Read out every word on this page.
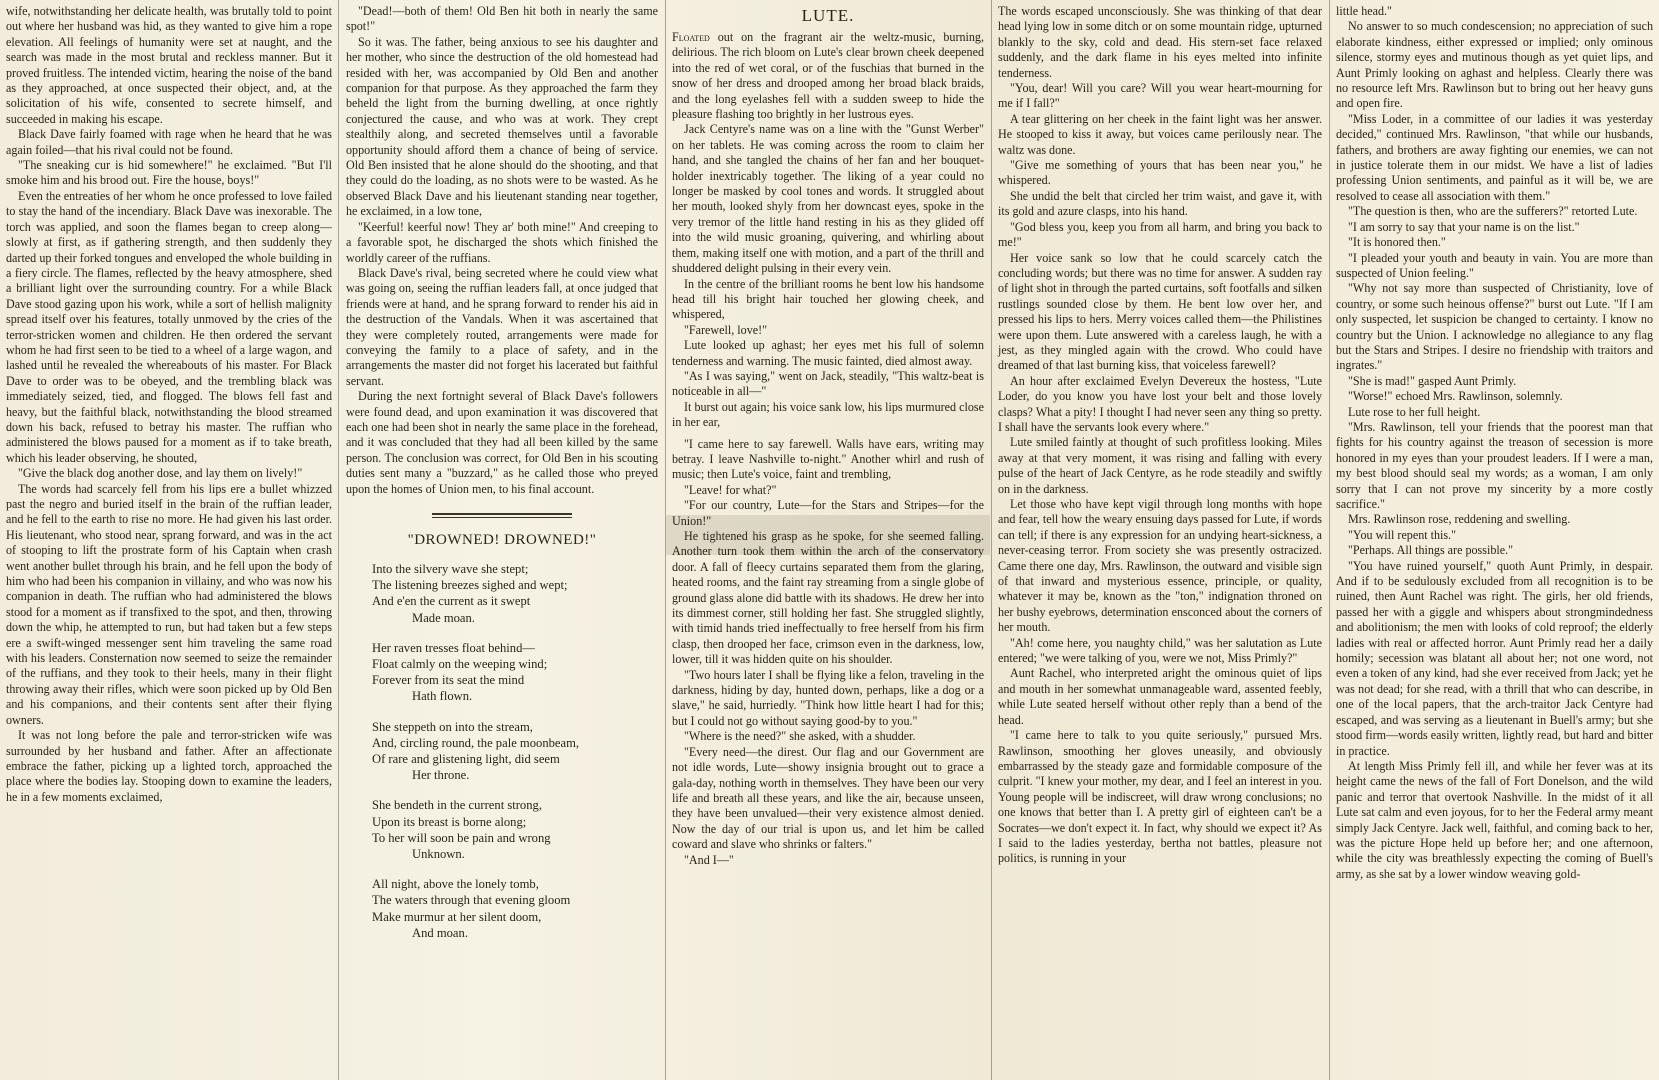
wife, notwithstanding her delicate health, was brutally told to point out where her husband was hid, as they wanted to give him a rope elevation. All feelings of humanity were set at naught, and the search was made in the most brutal and reckless manner. But it proved fruitless. The intended victim, hearing the noise of the band as they approached, at once suspected their object, and, at the solicitation of his wife, consented to secrete himself, and succeeded in making his escape.

Black Dave fairly foamed with rage when he heard that he was again foiled—that his rival could not be found.

"The sneaking cur is hid somewhere!" he exclaimed. "But I'll smoke him and his brood out. Fire the house, boys!"

Even the entreaties of her whom he once professed to love failed to stay the hand of the incendiary. Black Dave was inexorable. The torch was applied, and soon the flames began to creep along—slowly at first, as if gathering strength, and then suddenly they darted up their forked tongues and enveloped the whole building in a fiery circle. The flames, reflected by the heavy atmosphere, shed a brilliant light over the surrounding country. For a while Black Dave stood gazing upon his work, while a sort of hellish malignity spread itself over his features, totally unmoved by the cries of the terror-stricken women and children. He then ordered the servant whom he had first seen to be tied to a wheel of a large wagon, and lashed until he revealed the whereabouts of his master. For Black Dave to order was to be obeyed, and the trembling black was immediately seized, tied, and flogged. The blows fell fast and heavy, but the faithful black, notwithstanding the blood streamed down his back, refused to betray his master. The ruffian who administered the blows paused for a moment as if to take breath, which his leader observing, he shouted,

"Give the black dog another dose, and lay them on lively!"

The words had scarcely fell from his lips ere a bullet whizzed past the negro and buried itself in the brain of the ruffian leader, and he fell to the earth to rise no more. He had given his last order. His lieutenant, who stood near, sprang forward, and was in the act of stooping to lift the prostrate form of his Captain when crash went another bullet through his brain, and he fell upon the body of him who had been his companion in villainy, and who was now his companion in death. The ruffian who had administered the blows stood for a moment as if transfixed to the spot, and then, throwing down the whip, he attempted to run, but had taken but a few steps ere a swift-winged messenger sent him traveling the same road with his leaders. Consternation now seemed to seize the remainder of the ruffians, and they took to their heels, many in their flight throwing away their rifles, which were soon picked up by Old Ben and his companions, and their contents sent after their flying owners.

It was not long before the pale and terror-stricken wife was surrounded by her husband and father. After an affectionate embrace the father, picking up a lighted torch, approached the place where the bodies lay. Stooping down to examine the leaders, he in a few moments exclaimed,

"Dead!—both of them! Old Ben hit both in nearly the same spot!"

So it was. The father, being anxious to see his daughter and her mother, who since the destruction of the old homestead had resided with her, was accompanied by Old Ben and another companion for that purpose. As they approached the farm they beheld the light from the burning dwelling, at once rightly conjectured the cause, and who was at work. They crept stealthily along, and secreted themselves until a favorable opportunity should afford them a chance of being of service. Old Ben insisted that he alone should do the shooting, and that they could do the loading, as no shots were to be wasted. As he observed Black Dave and his lieutenant standing near together, he exclaimed, in a low tone,

"Keerful! keerful now! They ar' both mine!" And creeping to a favorable spot, he discharged the shots which finished the worldly career of the ruffians.

Black Dave's rival, being secreted where he could view what was going on, seeing the ruffian leaders fall, at once judged that friends were at hand, and he sprang forward to render his aid in the destruction of the Vandals. When it was ascertained that they were completely routed, arrangements were made for conveying the family to a place of safety, and in the arrangements the master did not forget his lacerated but faithful servant.

During the next fortnight several of Black Dave's followers were found dead, and upon examination it was discovered that each one had been shot in nearly the same place in the forehead, and it was concluded that they had all been killed by the same person. The conclusion was correct, for Old Ben in his scouting duties sent many a "buzzard," as he called those who preyed upon the homes of Union men, to his final account.

"DROWNED! DROWNED!"
Into the silvery wave she stept;
The listening breezes sighed and wept;
And e'en the current as it swept
Made moan.
Her raven tresses float behind—
Float calmly on the weeping wind;
Forever from its seat the mind
Hath flown.
She steppeth on into the stream,
And, circling round, the pale moonbeam,
Of rare and glistening light, did seem
Her throne.
She bendeth in the current strong,
Upon its breast is borne along;
To her will soon be pain and wrong
Unknown.
All night, above the lonely tomb,
The waters through that evening gloom
Make murmur at her silent doom,
And moan.
LUTE.

Floated out on the fragrant air the weltz-music, burning, delirious. The rich bloom on Lute's clear brown cheek deepened into the red of wet coral, or of the fuschias that burned in the snow of her dress and drooped among her broad black braids, and the long eyelashes fell with a sudden sweep to hide the pleasure flashing too brightly in her lustrous eyes.

Jack Centyre's name was on a line with the "Gunst Werber" on her tablets. He was coming across the room to claim her hand, and she tangled the chains of her fan and her bouquet-holder inextricably together. The liking of a year could no longer be masked by cool tones and words. It struggled about her mouth, looked shyly from her downcast eyes, spoke in the very tremor of the little hand resting in his as they glided off into the wild music groaning, quivering, and whirling about them, making itself one with motion, and a part of the thrill and shuddered delight pulsing in their every vein.

In the centre of the brilliant rooms he bent low his handsome head till his bright hair touched her glowing cheek, and whispered,

"Farewell, love!"

Lute looked up aghast; her eyes met his full of solemn tenderness and warning. The music fainted, died almost away.

"As I was saying," went on Jack, steadily, "This waltz-beat is noticeable in all—"

It burst out again; his voice sank low, his lips murmured close in her ear,

"I came here to say farewell. Walls have ears, writing may betray. I leave Nashville to-night." Another whirl and rush of music; then Lute's voice, faint and trembling,

"Leave! for what?"

"For our country, Lute—for the Stars and Stripes—for the Union!"

He tightened his grasp as he spoke, for she seemed falling. Another turn took them within the arch of the conservatory door. A fall of fleecy curtains separated them from the glaring, heated rooms, and the faint ray streaming from a single globe of ground glass alone did battle with its shadows. He drew her into its dimmest corner, still holding her fast. She struggled slightly, with timid hands tried ineffectually to free herself from his firm clasp, then drooped her face, crimson even in the darkness, low, lower, till it was hidden quite on his shoulder.

"Two hours later I shall be flying like a felon, traveling in the darkness, hiding by day, hunted down, perhaps, like a dog or a slave," he said, hurriedly. "Think how little heart I had for this; but I could not go without saying good-by to you."

"Where is the need?" she asked, with a shudder.

"Every need—the direst. Our flag and our Government are not idle words, Lute—showy insignia brought out to grace a gala-day, nothing worth in themselves. They have been our very life and breath all these years, and like the air, because unseen, they have been unvalued—their very existence almost denied. Now the day of our trial is upon us, and let him be called coward and slave who shrinks or falters."

"And I—"

The words escaped unconsciously. She was thinking of that dear head lying low in some ditch or on some mountain ridge, upturned blankly to the sky, cold and dead. His stern-set face relaxed suddenly, and the dark flame in his eyes melted into infinite tenderness.

"You, dear! Will you care? Will you wear heart-mourning for me if I fall?"

A tear glittering on her cheek in the faint light was her answer. He stooped to kiss it away, but voices came perilously near. The waltz was done.

"Give me something of yours that has been near you," he whispered.

She undid the belt that circled her trim waist, and gave it, with its gold and azure clasps, into his hand.

"God bless you, keep you from all harm, and bring you back to me!"

Her voice sank so low that he could scarcely catch the concluding words; but there was no time for answer. A sudden ray of light shot in through the parted curtains, soft footfalls and silken rustlings sounded close by them. He bent low over her, and pressed his lips to hers. Merry voices called them—the Philistines were upon them. Lute answered with a careless laugh, he with a jest, as they mingled again with the crowd. Who could have dreamed of that last burning kiss, that voiceless farewell?

An hour after exclaimed Evelyn Devereux the hostess, "Lute Loder, do you know you have lost your belt and those lovely clasps? What a pity! I thought I had never seen any thing so pretty. I shall have the servants look every where."

Lute smiled faintly at thought of such profitless looking. Miles away at that very moment, it was rising and falling with every pulse of the heart of Jack Centyre, as he rode steadily and swiftly on in the darkness.

Let those who have kept vigil through long months with hope and fear, tell how the weary ensuing days passed for Lute, if words can tell; if there is any expression for an undying heart-sickness, a never-ceasing terror. From society she was presently ostracized. Came there one day, Mrs. Rawlinson, the outward and visible sign of that inward and mysterious essence, principle, or quality, whatever it may be, known as the "ton," indignation throned on her bushy eyebrows, determination ensconced about the corners of her mouth.

"Ah! come here, you naughty child," was her salutation as Lute entered; "we were talking of you, were we not, Miss Primly?"

Aunt Rachel, who interpreted aright the ominous quiet of lips and mouth in her somewhat unmanageable ward, assented feebly, while Lute seated herself without other reply than a bend of the head.

"I came here to talk to you quite seriously," pursued Mrs. Rawlinson, smoothing her gloves uneasily, and obviously embarrassed by the steady gaze and formidable composure of the culprit. "I knew your mother, my dear, and I feel an interest in you. Young people will be indiscreet, will draw wrong conclusions; no one knows that better than I. A pretty girl of eighteen can't be a Socrates—we don't expect it. In fact, why should we expect it? As I said to the ladies yesterday, bertha not battles, pleasure not politics, is running in your

little head."

No answer to so much condescension; no appreciation of such elaborate kindness, either expressed or implied; only ominous silence, stormy eyes and mutinous though as yet quiet lips, and Aunt Primly looking on aghast and helpless. Clearly there was no resource left Mrs. Rawlinson but to bring out her heavy guns and open fire.

"Miss Loder, in a committee of our ladies it was yesterday decided," continued Mrs. Rawlinson, "that while our husbands, fathers, and brothers are away fighting our enemies, we can not in justice tolerate them in our midst. We have a list of ladies professing Union sentiments, and painful as it will be, we are resolved to cease all association with them."

"The question is then, who are the sufferers?" retorted Lute.

"I am sorry to say that your name is on the list."

"It is honored then."

"I pleaded your youth and beauty in vain. You are more than suspected of Union feeling."

"Why not say more than suspected of Christianity, love of country, or some such heinous offense?" burst out Lute. "If I am only suspected, let suspicion be changed to certainty. I know no country but the Union. I acknowledge no allegiance to any flag but the Stars and Stripes. I desire no friendship with traitors and ingrates."

"She is mad!" gasped Aunt Primly.

"Worse!" echoed Mrs. Rawlinson, solemnly.

Lute rose to her full height.

"Mrs. Rawlinson, tell your friends that the poorest man that fights for his country against the treason of secession is more honored in my eyes than your proudest leaders. If I were a man, my best blood should seal my words; as a woman, I am only sorry that I can not prove my sincerity by a more costly sacrifice."

Mrs. Rawlinson rose, reddening and swelling.

"You will repent this."

"Perhaps. All things are possible."

"You have ruined yourself," quoth Aunt Primly, in despair. And if to be sedulously excluded from all recognition is to be ruined, then Aunt Rachel was right. The girls, her old friends, passed her with a giggle and whispers about strongmindedness and abolitionism; the men with looks of cold reproof; the elderly ladies with real or affected horror. Aunt Primly read her a daily homily; secession was blatant all about her; not one word, not even a token of any kind, had she ever received from Jack; yet he was not dead; for she read, with a thrill that who can describe, in one of the local papers, that the arch-traitor Jack Centyre had escaped, and was serving as a lieutenant in Buell's army; but she stood firm—words easily written, lightly read, but hard and bitter in practice.

At length Miss Primly fell ill, and while her fever was at its height came the news of the fall of Fort Donelson, and the wild panic and terror that overtook Nashville. In the midst of it all Lute sat calm and even joyous, for to her the Federal army meant simply Jack Centyre. Jack well, faithful, and coming back to her, was the picture Hope held up before her; and one afternoon, while the city was breathlessly expecting the coming of Buell's army, as she sat by a lower window weaving gold-
